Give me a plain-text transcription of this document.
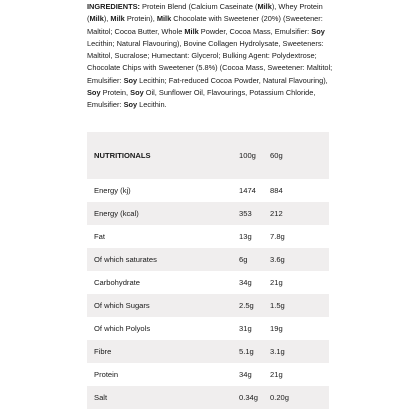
INGREDIENTS: Protein Blend (Calcium Caseinate (Milk), Whey Protein (Milk), Milk Protein), Milk Chocolate with Sweetener (20%) (Sweetener: Maltitol; Cocoa Butter, Whole Milk Powder, Cocoa Mass, Emulsifier: Soy Lecithin; Natural Flavouring), Bovine Collagen Hydrolysate, Sweeteners: Maltitol, Sucralose; Humectant: Glycerol; Bulking Agent: Polydextrose; Chocolate Chips with Sweetener (5.8%) (Cocoa Mass, Sweetener: Maltitol; Emulsifier: Soy Lecithin; Fat-reduced Cocoa Powder, Natural Flavouring), Soy Protein, Soy Oil, Sunflower Oil, Flavourings, Potassium Chloride, Emulsifier: Soy Lecithin.

NUTRITIONALS	100g	60g
Energy (kj)	1474	884
Energy (kcal)	353	212
Fat	13g	7.8g
Of which saturates	6g	3.6g
Carbohydrate	34g	21g
Of which Sugars	2.5g	1.5g
Of which Polyols	31g	19g
Fibre	5.1g	3.1g
Protein	34g	21g
Salt	0.34g	0.20g
